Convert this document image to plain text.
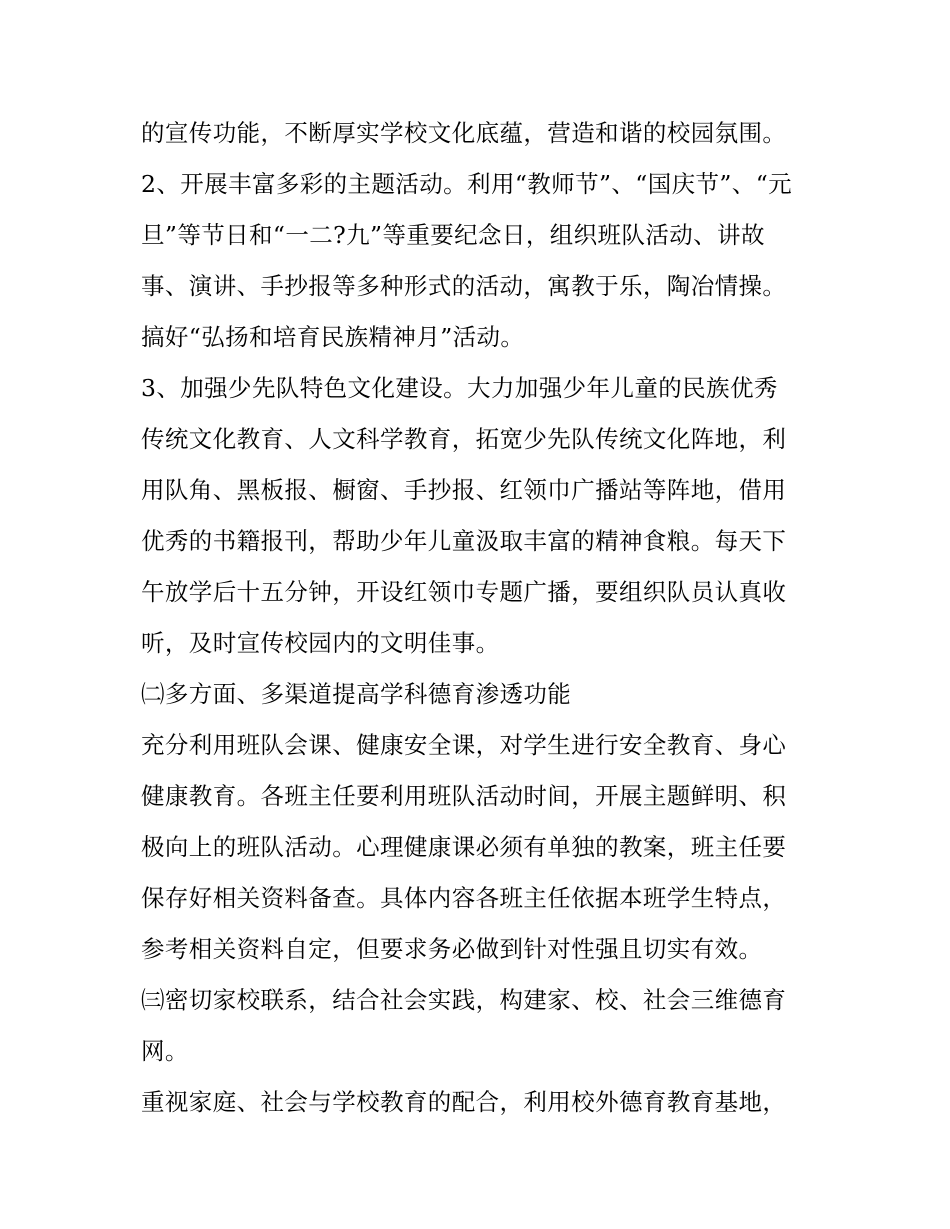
的宣传功能，不断厚实学校文化底蕴，营造和谐的校园氛围。
2、开展丰富多彩的主题活动。利用“教师节”、“国庆节”、“元
旦”等节日和“一二?九”等重要纪念日，组织班队活动、讲故
事、演讲、手抄报等多种形式的活动，寓教于乐，陶冶情操。
搞好“弘扬和培育民族精神月”活动。
3、加强少先队特色文化建设。大力加强少年儿童的民族优秀
传统文化教育、人文科学教育，拓宽少先队传统文化阵地，利
用队角、黑板报、橱窗、手抄报、红领巾广播站等阵地，借用
优秀的书籍报刊，帮助少年儿童汲取丰富的精神食粮。每天下
午放学后十五分钟，开设红领巾专题广播，要组织队员认真收
听，及时宣传校园内的文明佳事。
㈡多方面、多渠道提高学科德育渗透功能
充分利用班队会课、健康安全课，对学生进行安全教育、身心
健康教育。各班主任要利用班队活动时间，开展主题鲜明、积
极向上的班队活动。心理健康课必须有单独的教案，班主任要
保存好相关资料备查。具体内容各班主任依据本班学生特点，
参考相关资料自定，但要求务必做到针对性强且切实有效。
㈢密切家校联系，结合社会实践，构建家、校、社会三维德育
网。
重视家庭、社会与学校教育的配合，利用校外德育教育基地，
